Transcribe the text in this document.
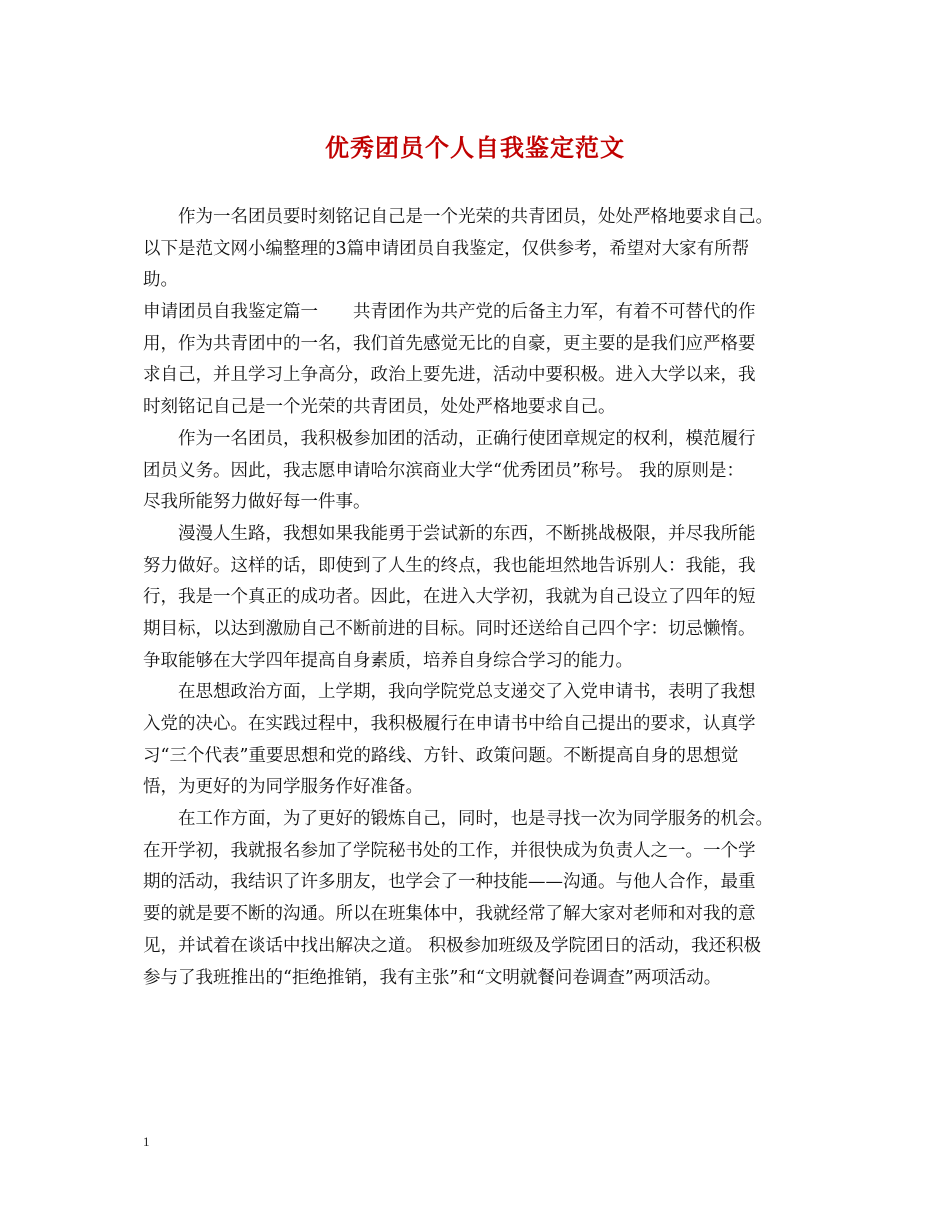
优秀团员个人自我鉴定范文
　　作为一名团员要时刻铭记自己是一个光荣的共青团员，处处严格地要求自己。
以下是范文网小编整理的3篇申请团员自我鉴定，仅供参考，希望对大家有所帮
助。
申请团员自我鉴定篇一　　共青团作为共产党的后备主力军，有着不可替代的作
用，作为共青团中的一名，我们首先感觉无比的自豪，更主要的是我们应严格要
求自己，并且学习上争高分，政治上要先进，活动中要积极。进入大学以来，我
时刻铭记自己是一个光荣的共青团员，处处严格地要求自己。
　　作为一名团员，我积极参加团的活动，正确行使团章规定的权利，模范履行
团员义务。因此，我志愿申请哈尔滨商业大学“优秀团员”称号。 我的原则是：
尽我所能努力做好每一件事。
　　漫漫人生路，我想如果我能勇于尝试新的东西，不断挑战极限，并尽我所能
努力做好。这样的话，即使到了人生的终点，我也能坦然地告诉别人：我能，我
行，我是一个真正的成功者。因此，在进入大学初，我就为自己设立了四年的短
期目标，以达到激励自己不断前进的目标。同时还送给自己四个字：切忌懒惰。
争取能够在大学四年提高自身素质，培养自身综合学习的能力。
　　在思想政治方面，上学期，我向学院党总支递交了入党申请书，表明了我想
入党的决心。在实践过程中，我积极履行在申请书中给自己提出的要求，认真学
习“三个代表”重要思想和党的路线、方针、政策问题。不断提高自身的思想觉
悟，为更好的为同学服务作好准备。
　　在工作方面，为了更好的锻炼自己，同时，也是寻找一次为同学服务的机会。
在开学初，我就报名参加了学院秘书处的工作，并很快成为负责人之一。一个学
期的活动，我结识了许多朋友，也学会了一种技能——沟通。与他人合作，最重
要的就是要不断的沟通。所以在班集体中，我就经常了解大家对老师和对我的意
见，并试着在谈话中找出解决之道。 积极参加班级及学院团日的活动，我还积极
参与了我班推出的“拒绝推销，我有主张”和“文明就餐问卷调查”两项活动。
1
